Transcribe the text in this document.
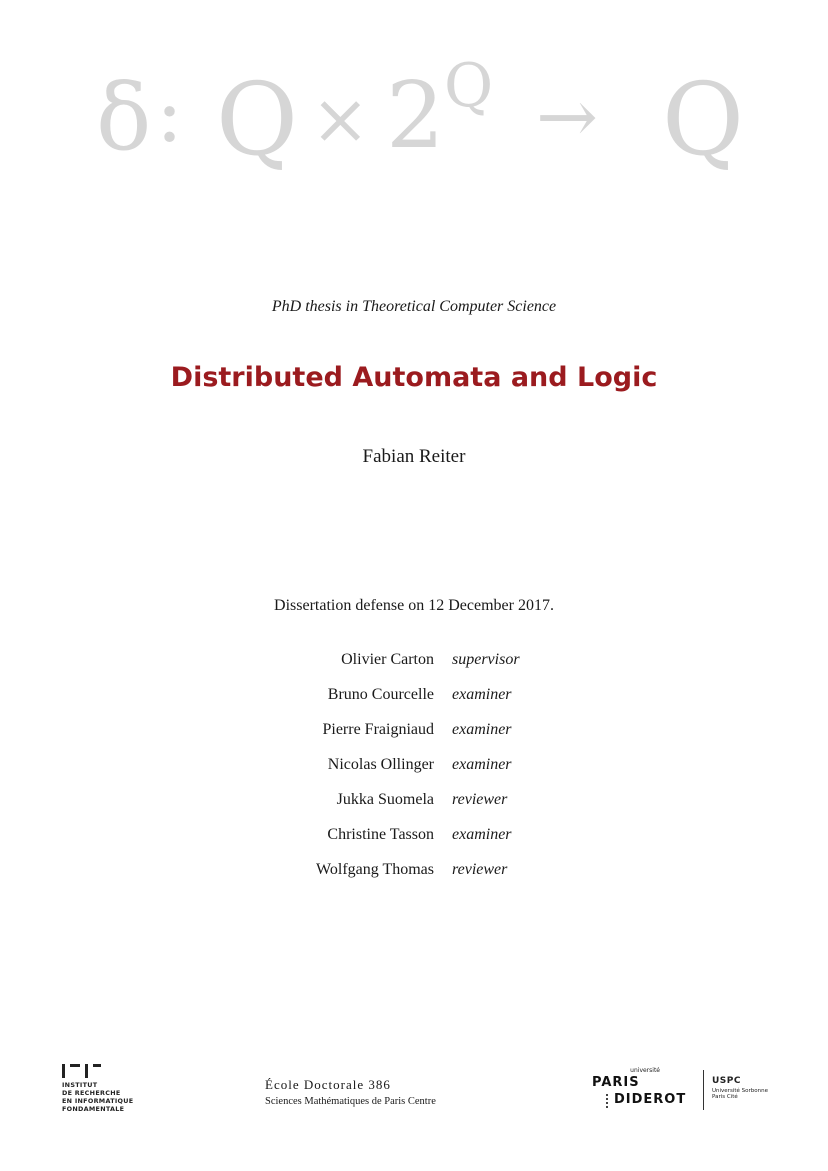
δ : Q × 2 Q → Q
PhD thesis in Theoretical Computer Science
Distributed Automata and Logic
Fabian Reiter
Dissertation defense on 12 December 2017.
Olivier Carton supervisor
Bruno Courcelle examiner
Pierre Fraigniaud examiner
Nicolas Ollinger examiner
Jukka Suomela reviewer
Christine Tasson examiner
Wolfgang Thomas reviewer
INSTITUT
DE RECHERCHE
EN INFORMATIQUE
FONDAMENTALE
École Doctorale 386
Sciences Mathématiques de Paris Centre
université
PARIS
DIDEROT
USPC
Université Sorbonne
Paris Cité
